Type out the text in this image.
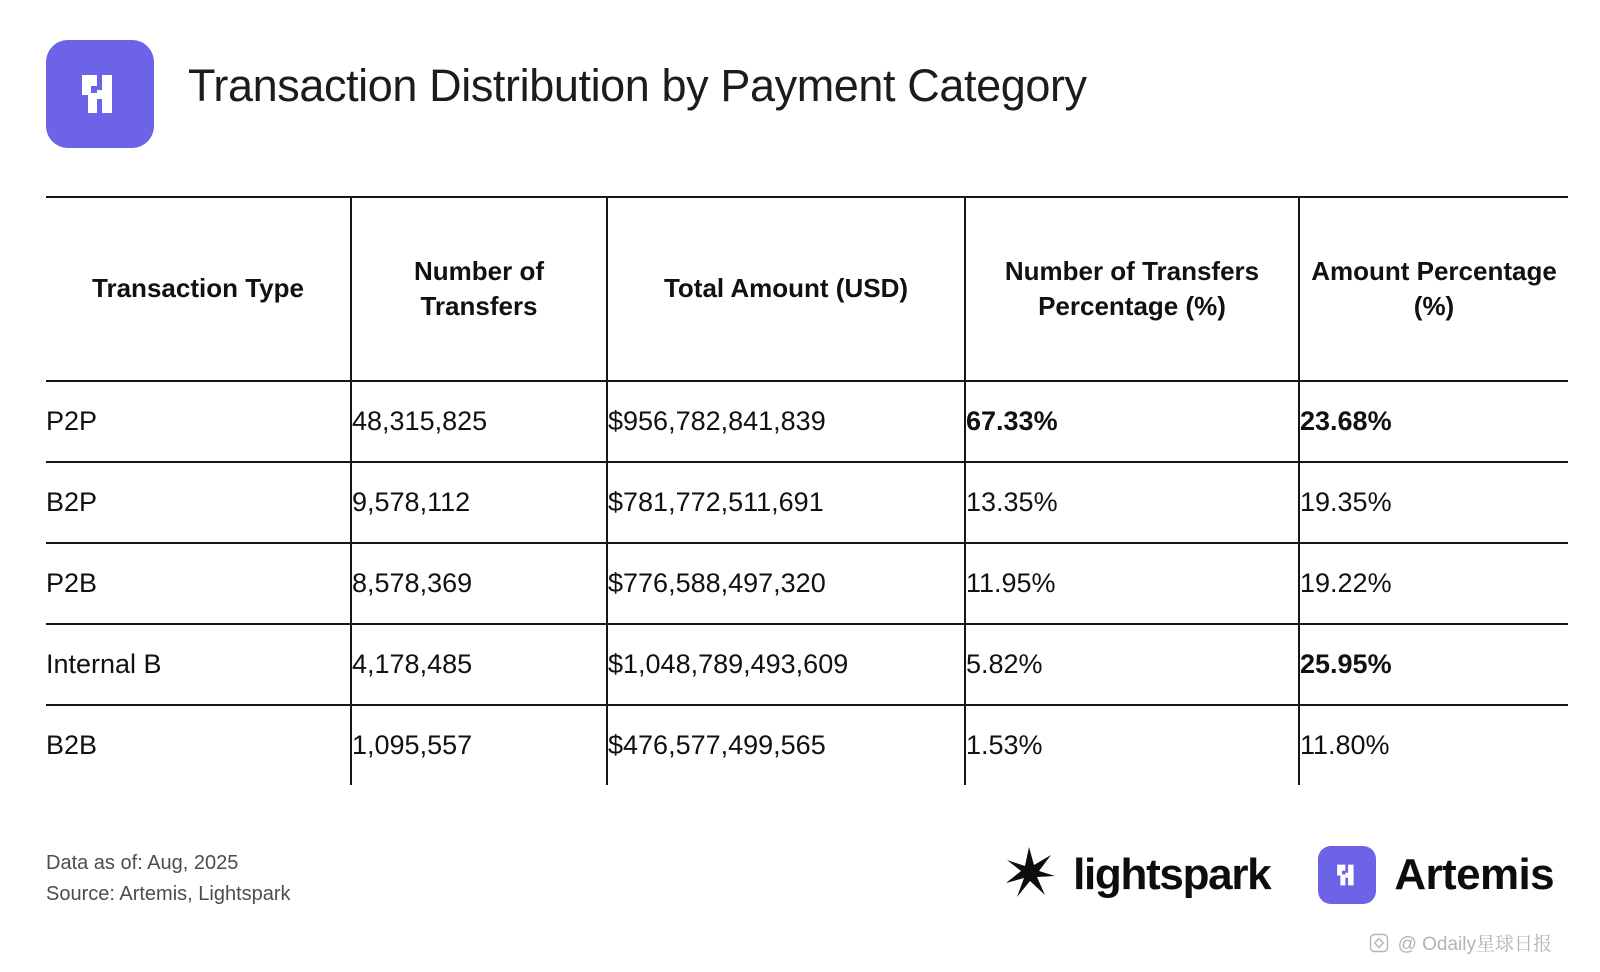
Transaction Distribution by Payment Category
Transaction Type	Number of Transfers	Total Amount (USD)	Number of Transfers Percentage (%)	Amount Percentage (%)
P2P	48,315,825	$956,782,841,839	67.33%	23.68%
B2P	9,578,112	$781,772,511,691	13.35%	19.35%
P2B	8,578,369	$776,588,497,320	11.95%	19.22%
Internal B	4,178,485	$1,048,789,493,609	5.82%	25.95%
B2B	1,095,557	$476,577,499,565	1.53%	11.80%
Data as of: Aug, 2025
Source: Artemis, Lightspark	lightspark	Artemis
@ Odaily星球日报
